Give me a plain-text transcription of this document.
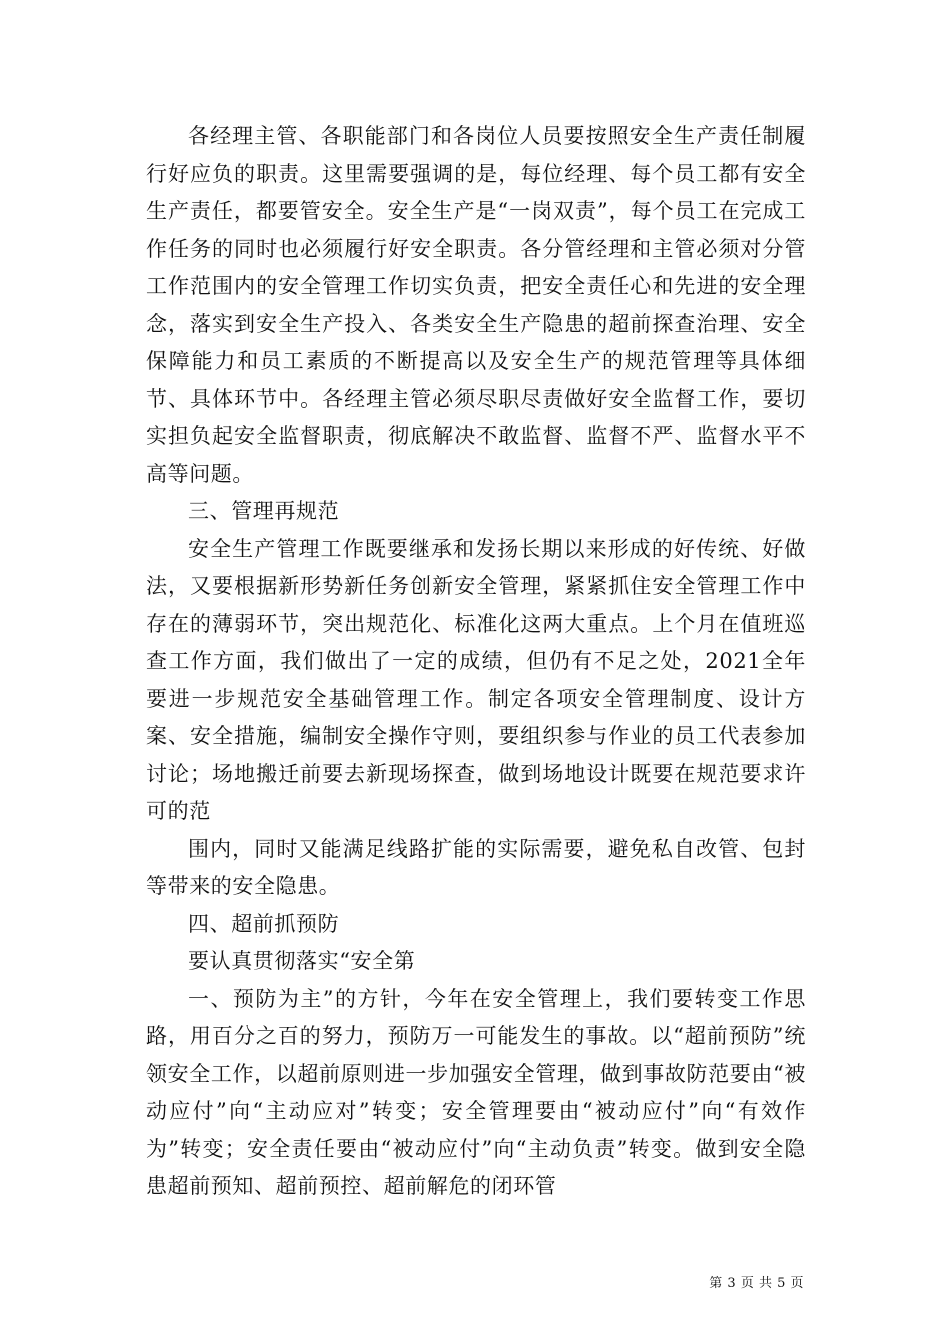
各经理主管、各职能部门和各岗位人员要按照安全生产责任制履行好应负的职责。这里需要强调的是，每位经理、每个员工都有安全生产责任，都要管安全。安全生产是“一岗双责”，每个员工在完成工作任务的同时也必须履行好安全职责。各分管经理和主管必须对分管工作范围内的安全管理工作切实负责，把安全责任心和先进的安全理念，落实到安全生产投入、各类安全生产隐患的超前探查治理、安全保障能力和员工素质的不断提高以及安全生产的规范管理等具体细节、具体环节中。各经理主管必须尽职尽责做好安全监督工作，要切实担负起安全监督职责，彻底解决不敢监督、监督不严、监督水平不高等问题。

三、管理再规范

安全生产管理工作既要继承和发扬长期以来形成的好传统、好做法，又要根据新形势新任务创新安全管理，紧紧抓住安全管理工作中存在的薄弱环节，突出规范化、标准化这两大重点。上个月在值班巡查工作方面，我们做出了一定的成绩，但仍有不足之处，2021全年要进一步规范安全基础管理工作。制定各项安全管理制度、设计方案、安全措施，编制安全操作守则，要组织参与作业的员工代表参加讨论；场地搬迁前要去新现场探查，做到场地设计既要在规范要求许可的范

围内，同时又能满足线路扩能的实际需要，避免私自改管、包封等带来的安全隐患。

四、超前抓预防

要认真贯彻落实“安全第

一、预防为主”的方针，今年在安全管理上，我们要转变工作思路，用百分之百的努力，预防万一可能发生的事故。以“超前预防”统领安全工作，以超前原则进一步加强安全管理，做到事故防范要由“被动应付”向“主动应对”转变；安全管理要由“被动应付”向“有效作为”转变；安全责任要由“被动应付”向“主动负责”转变。做到安全隐患超前预知、超前预控、超前解危的闭环管

第 3 页 共 5 页
